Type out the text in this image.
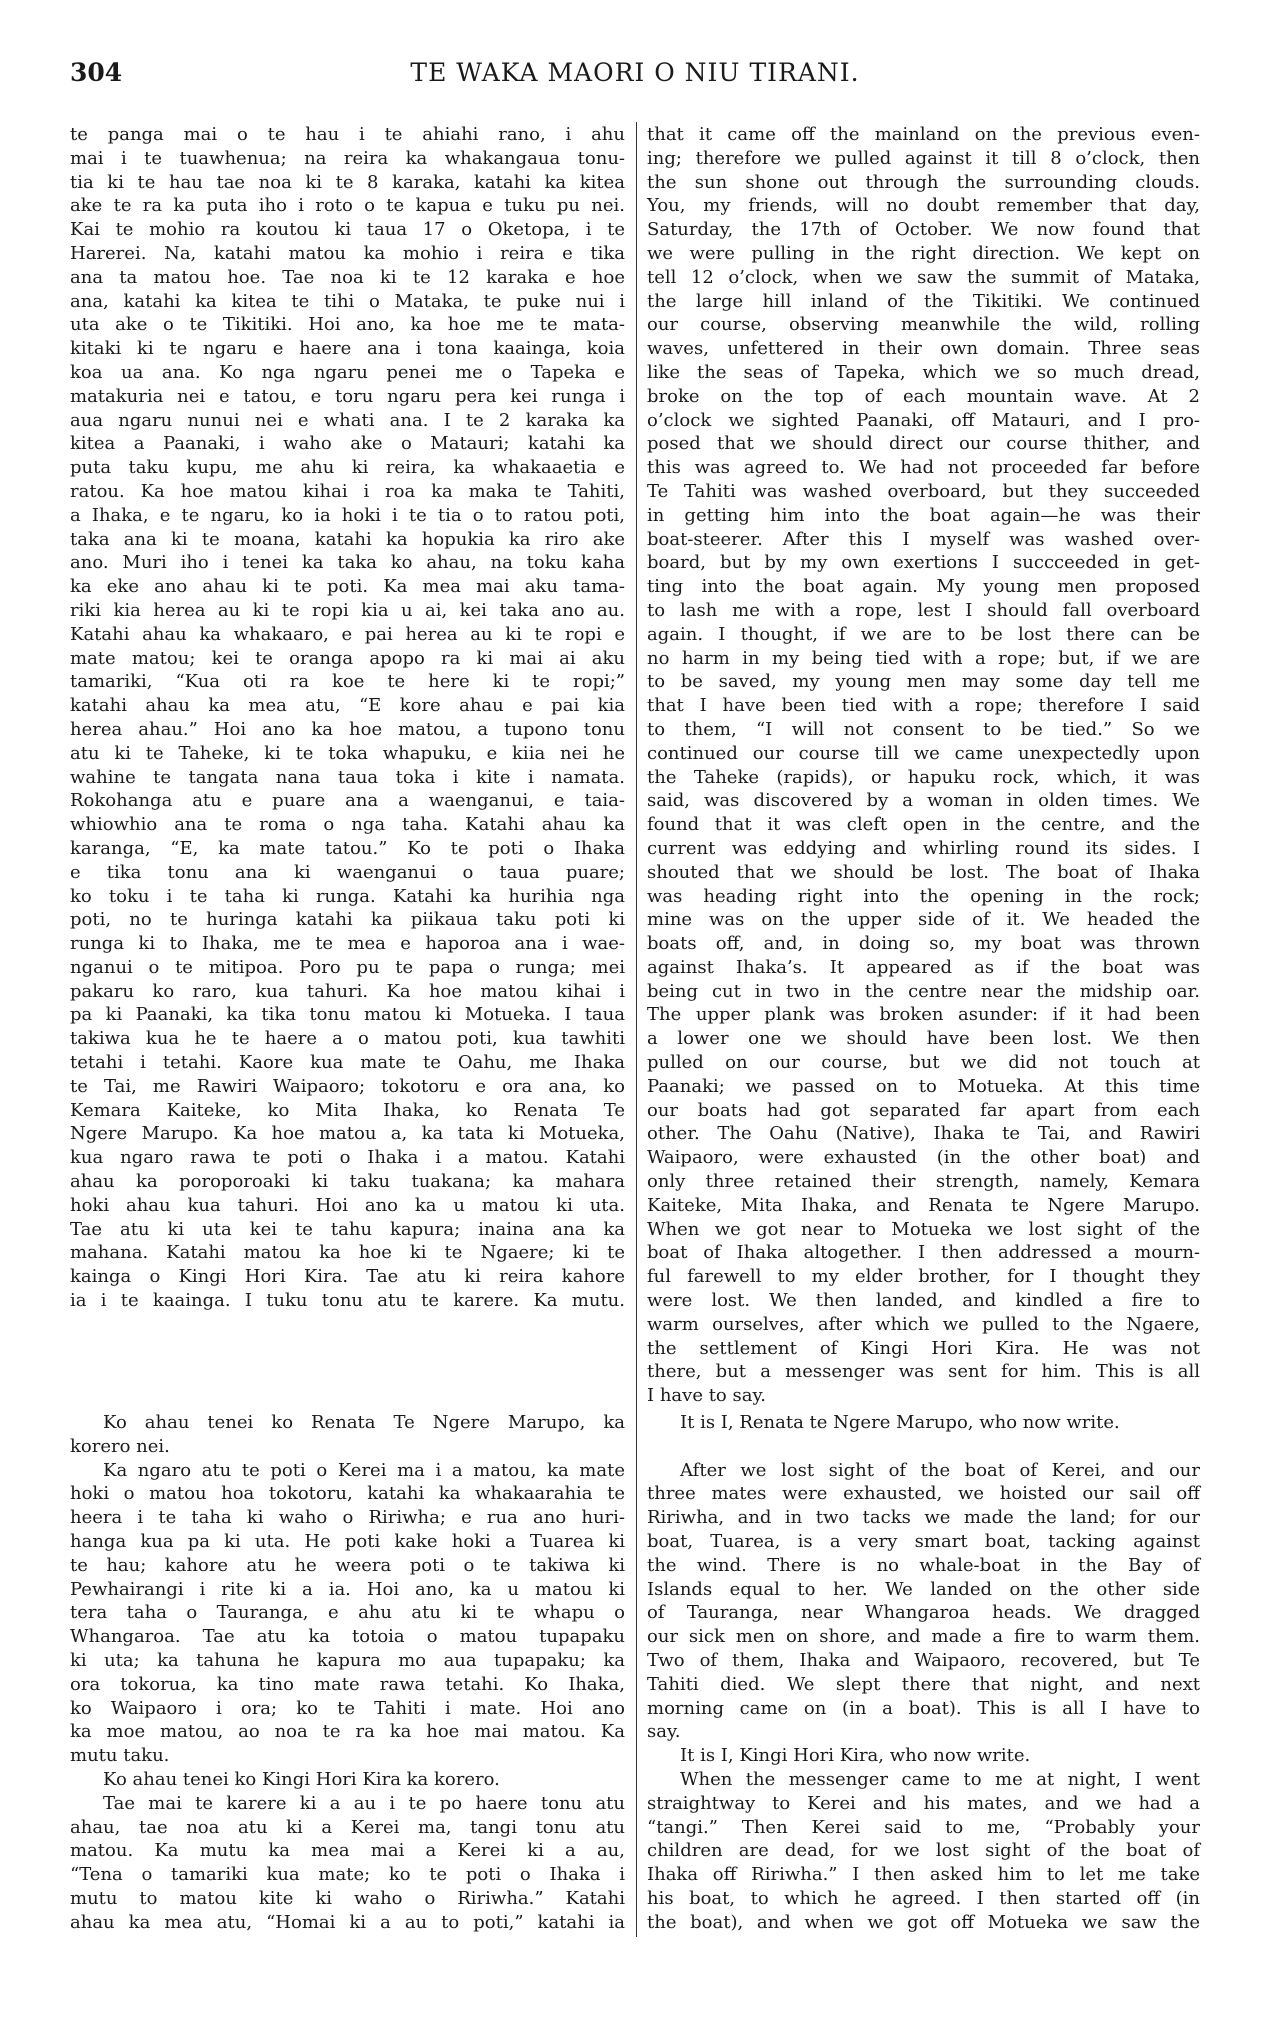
304	TE WAKA MAORI O NIU TIRANI.
te panga mai o te hau i te ahiahi rano, i ahu
mai i te tuawhenua; na reira ka whakangaua tonu-
tia ki te hau tae noa ki te 8 karaka, katahi ka kitea
ake te ra ka puta iho i roto o te kapua e tuku pu nei.
Kai te mohio ra koutou ki taua 17 o Oketopa, i te
Harerei. Na, katahi matou ka mohio i reira e tika
ana ta matou hoe. Tae noa ki te 12 karaka e hoe
ana, katahi ka kitea te tihi o Mataka, te puke nui i
uta ake o te Tikitiki. Hoi ano, ka hoe me te mata-
kitaki ki te ngaru e haere ana i tona kaainga, koia
koa ua ana. Ko nga ngaru penei me o Tapeka e
matakuria nei e tatou, e toru ngaru pera kei runga i
aua ngaru nunui nei e whati ana. I te 2 karaka ka
kitea a Paanaki, i waho ake o Matauri; katahi ka
puta taku kupu, me ahu ki reira, ka whakaaetia e
ratou. Ka hoe matou kihai i roa ka maka te Tahiti,
a Ihaka, e te ngaru, ko ia hoki i te tia o to ratou poti,
taka ana ki te moana, katahi ka hopukia ka riro ake
ano. Muri iho i tenei ka taka ko ahau, na toku kaha
ka eke ano ahau ki te poti. Ka mea mai aku tama-
riki kia herea au ki te ropi kia u ai, kei taka ano au.
Katahi ahau ka whakaaro, e pai herea au ki te ropi e
mate matou; kei te oranga apopo ra ki mai ai aku
tamariki, “Kua oti ra koe te here ki te ropi;”
katahi ahau ka mea atu, “E kore ahau e pai kia
herea ahau.” Hoi ano ka hoe matou, a tupono tonu
atu ki te Taheke, ki te toka whapuku, e kiia nei he
wahine te tangata nana taua toka i kite i namata.
Rokohanga atu e puare ana a waenganui, e taia-
whiowhio ana te roma o nga taha. Katahi ahau ka
karanga, “E, ka mate tatou.” Ko te poti o Ihaka
e tika tonu ana ki waenganui o taua puare;
ko toku i te taha ki runga. Katahi ka hurihia nga
poti, no te huringa katahi ka piikaua taku poti ki
runga ki to Ihaka, me te mea e haporoa ana i wae-
nganui o te mitipoa. Poro pu te papa o runga; mei
pakaru ko raro, kua tahuri. Ka hoe matou kihai i
pa ki Paanaki, ka tika tonu matou ki Motueka. I taua
takiwa kua he te haere a o matou poti, kua tawhiti
tetahi i tetahi. Kaore kua mate te Oahu, me Ihaka
te Tai, me Rawiri Waipaoro; tokotoru e ora ana, ko
Kemara Kaiteke, ko Mita Ihaka, ko Renata Te
Ngere Marupo. Ka hoe matou a, ka tata ki Motueka,
kua ngaro rawa te poti o Ihaka i a matou. Katahi
ahau ka poroporoaki ki taku tuakana; ka mahara
hoki ahau kua tahuri. Hoi ano ka u matou ki uta.
Tae atu ki uta kei te tahu kapura; inaina ana ka
mahana. Katahi matou ka hoe ki te Ngaere; ki te
kainga o Kingi Hori Kira. Tae atu ki reira kahore
ia i te kaainga. I tuku tonu atu te karere. Ka mutu.
that it came off the mainland on the previous even-
ing; therefore we pulled against it till 8 o’clock, then
the sun shone out through the surrounding clouds.
You, my friends, will no doubt remember that day,
Saturday, the 17th of October. We now found that
we were pulling in the right direction. We kept on
tell 12 o’clock, when we saw the summit of Mataka,
the large hill inland of the Tikitiki. We continued
our course, observing meanwhile the wild, rolling
waves, unfettered in their own domain. Three seas
like the seas of Tapeka, which we so much dread,
broke on the top of each mountain wave. At 2
o’clock we sighted Paanaki, off Matauri, and I pro-
posed that we should direct our course thither, and
this was agreed to. We had not proceeded far before
Te Tahiti was washed overboard, but they succeeded
in getting him into the boat again—he was their
boat-steerer. After this I myself was washed over-
board, but by my own exertions I succceeded in get-
ting into the boat again. My young men proposed
to lash me with a rope, lest I should fall overboard
again. I thought, if we are to be lost there can be
no harm in my being tied with a rope; but, if we are
to be saved, my young men may some day tell me
that I have been tied with a rope; therefore I said
to them, “I will not consent to be tied.” So we
continued our course till we came unexpectedly upon
the Taheke (rapids), or hapuku rock, which, it was
said, was discovered by a woman in olden times. We
found that it was cleft open in the centre, and the
current was eddying and whirling round its sides. I
shouted that we should be lost. The boat of Ihaka
was heading right into the opening in the rock;
mine was on the upper side of it. We headed the
boats off, and, in doing so, my boat was thrown
against Ihaka’s. It appeared as if the boat was
being cut in two in the centre near the midship oar.
The upper plank was broken asunder: if it had been
a lower one we should have been lost. We then
pulled on our course, but we did not touch at
Paanaki; we passed on to Motueka. At this time
our boats had got separated far apart from each
other. The Oahu (Native), Ihaka te Tai, and Rawiri
Waipaoro, were exhausted (in the other boat) and
only three retained their strength, namely, Kemara
Kaiteke, Mita Ihaka, and Renata te Ngere Marupo.
When we got near to Motueka we lost sight of the
boat of Ihaka altogether. I then addressed a mourn-
ful farewell to my elder brother, for I thought they
were lost. We then landed, and kindled a fire to
warm ourselves, after which we pulled to the Ngaere,
the settlement of Kingi Hori Kira. He was not
there, but a messenger was sent for him. This is all
I have to say.
Ko ahau tenei ko Renata Te Ngere Marupo, ka
korero nei.
Ka ngaro atu te poti o Kerei ma i a matou, ka mate
hoki o matou hoa tokotoru, katahi ka whakaarahia te
heera i te taha ki waho o Ririwha; e rua ano huri-
hanga kua pa ki uta. He poti kake hoki a Tuarea ki
te hau; kahore atu he weera poti o te takiwa ki
Pewhairangi i rite ki a ia. Hoi ano, ka u matou ki
tera taha o Tauranga, e ahu atu ki te whapu o
Whangaroa. Tae atu ka totoia o matou tupapaku
ki uta; ka tahuna he kapura mo aua tupapaku; ka
ora tokorua, ka tino mate rawa tetahi. Ko Ihaka,
ko Waipaoro i ora; ko te Tahiti i mate. Hoi ano
ka moe matou, ao noa te ra ka hoe mai matou. Ka
mutu taku.
Ko ahau tenei ko Kingi Hori Kira ka korero.
Tae mai te karere ki a au i te po haere tonu atu
ahau, tae noa atu ki a Kerei ma, tangi tonu atu
matou. Ka mutu ka mea mai a Kerei ki a au,
“Tena o tamariki kua mate; ko te poti o Ihaka i
mutu to matou kite ki waho o Ririwha.” Katahi
ahau ka mea atu, “Homai ki a au to poti,” katahi ia
It is I, Renata te Ngere Marupo, who now write.
After we lost sight of the boat of Kerei, and our
three mates were exhausted, we hoisted our sail off
Ririwha, and in two tacks we made the land; for our
boat, Tuarea, is a very smart boat, tacking against
the wind. There is no whale-boat in the Bay of
Islands equal to her. We landed on the other side
of Tauranga, near Whangaroa heads. We dragged
our sick men on shore, and made a fire to warm them.
Two of them, Ihaka and Waipaoro, recovered, but Te
Tahiti died. We slept there that night, and next
morning came on (in a boat). This is all I have to
say.
It is I, Kingi Hori Kira, who now write.
When the messenger came to me at night, I went
straightway to Kerei and his mates, and we had a
“tangi.” Then Kerei said to me, “Probably your
children are dead, for we lost sight of the boat of
Ihaka off Ririwha.” I then asked him to let me take
his boat, to which he agreed. I then started off (in
the boat), and when we got off Motueka we saw the
